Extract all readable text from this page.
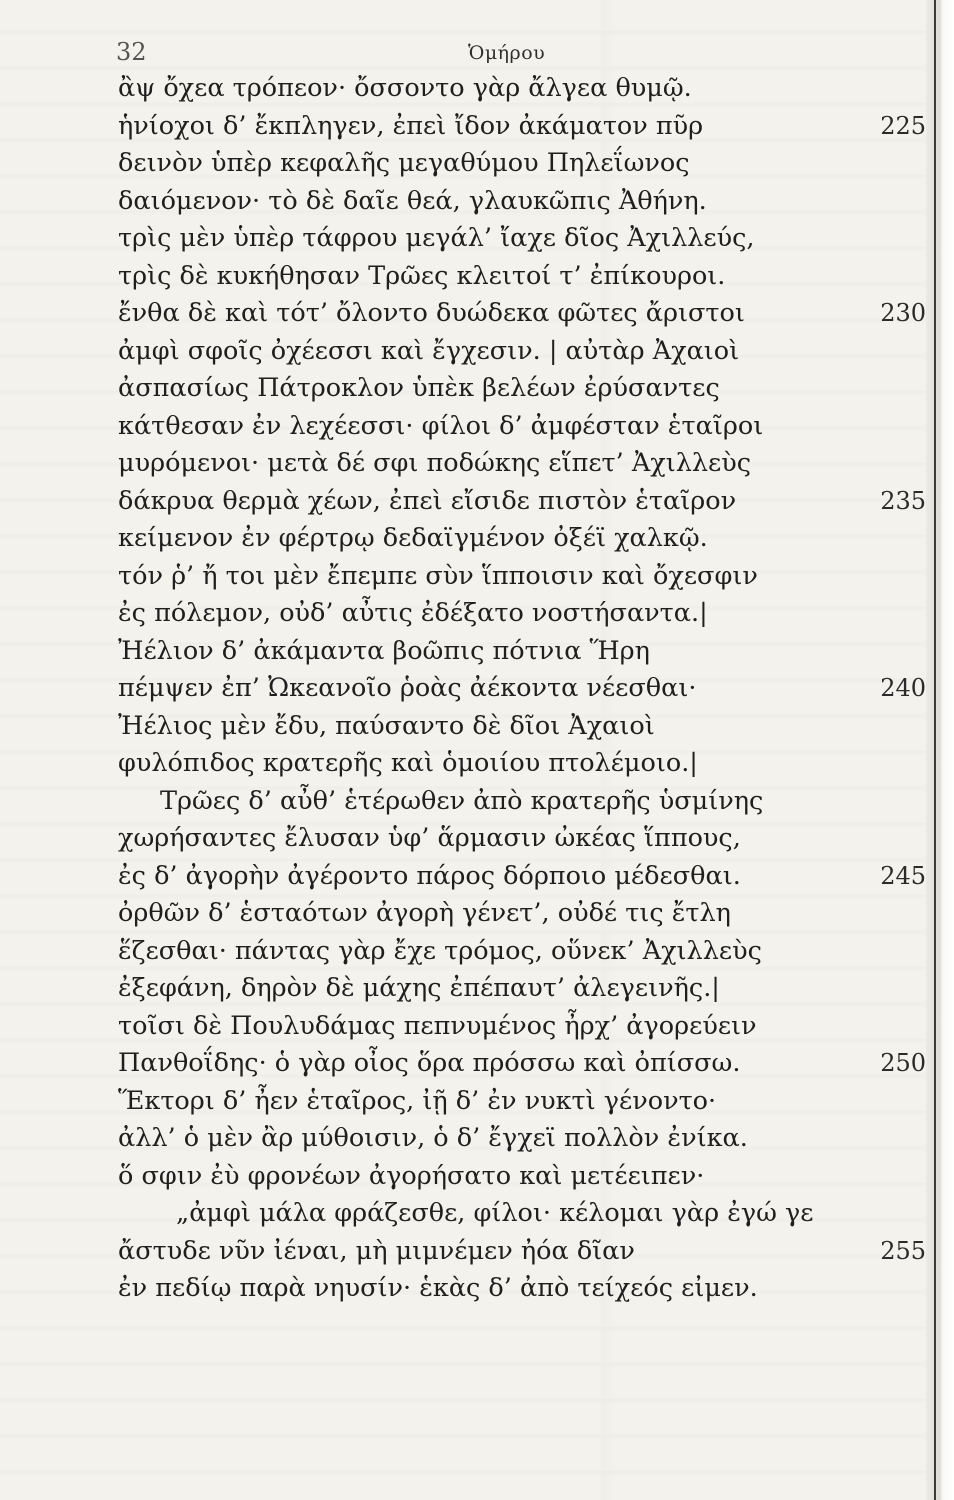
32	Ὁμήρου
ἂψ ὄχεα τρόπεον· ὄσσοντο γὰρ ἄλγεα θυμῷ.
ἡνίοχοι δ’ ἔκπληγεν, ἐπεὶ ἴδον ἀκάματον πῦρ	225
δεινὸν ὑπὲρ κεφαλῆς μεγαθύμου Πηλεΐωνος
δαιόμενον· τὸ δὲ δαῖε θεά, γλαυκῶπις Ἀθήνη.
τρὶς μὲν ὑπὲρ τάφρου μεγάλ’ ἴαχε δῖος Ἀχιλλεύς,
τρὶς δὲ κυκήθησαν Τρῶες κλειτοί τ’ ἐπίκουροι.
ἔνθα δὲ καὶ τότ’ ὄλοντο δυώδεκα φῶτες ἄριστοι	230
ἀμφὶ σφοῖς ὀχέεσσι καὶ ἔγχεσιν. | αὐτὰρ Ἀχαιοὶ
ἀσπασίως Πάτροκλον ὑπὲκ βελέων ἐρύσαντες
κάτθεσαν ἐν λεχέεσσι· φίλοι δ’ ἀμφέσταν ἑταῖροι
μυρόμενοι· μετὰ δέ σφι ποδώκης εἵπετ’ Ἀχιλλεὺς
δάκρυα θερμὰ χέων, ἐπεὶ εἴσιδε πιστὸν ἑταῖρον	235
κείμενον ἐν φέρτρῳ δεδαϊγμένον ὀξέϊ χαλκῷ.
τόν ῥ’ ἤ τοι μὲν ἔπεμπε σὺν ἵπποισιν καὶ ὄχεσφιν
ἐς πόλεμον, οὐδ’ αὖτις ἐδέξατο νοστήσαντα.|
Ἠέλιον δ’ ἀκάμαντα βοῶπις πότνια Ἥρη
πέμψεν ἐπ’ Ὠκεανοῖο ῥοὰς ἀέκοντα νέεσθαι·	240
Ἠέλιος μὲν ἔδυ, παύσαντο δὲ δῖοι Ἀχαιοὶ
φυλόπιδος κρατερῆς καὶ ὁμοιίου πτολέμοιο.|
Τρῶες δ’ αὖθ’ ἑτέρωθεν ἀπὸ κρατερῆς ὑσμίνης
χωρήσαντες ἔλυσαν ὑφ’ ἅρμασιν ὠκέας ἵππους,
ἐς δ’ ἀγορὴν ἀγέροντο πάρος δόρποιο μέδεσθαι.	245
ὀρθῶν δ’ ἑσταότων ἀγορὴ γένετ’, οὐδέ τις ἔτλη
ἕζεσθαι· πάντας γὰρ ἔχε τρόμος, οὕνεκ’ Ἀχιλλεὺς
ἐξεφάνη, δηρὸν δὲ μάχης ἐπέπαυτ’ ἀλεγεινῆς.|
τοῖσι δὲ Πουλυδάμας πεπνυμένος ἦρχ’ ἀγορεύειν
Πανθοΐδης· ὁ γὰρ οἶος ὅρα πρόσσω καὶ ὀπίσσω.	250
Ἕκτορι δ’ ἦεν ἑταῖρος, ἰῇ δ’ ἐν νυκτὶ γένοντο·
ἀλλ’ ὁ μὲν ἂρ μύθοισιν, ὁ δ’ ἔγχεϊ πολλὸν ἐνίκα.
ὅ σφιν ἐὺ φρονέων ἀγορήσατο καὶ μετέειπεν·
„ἀμφὶ μάλα φράζεσθε, φίλοι· κέλομαι γὰρ ἐγώ γε
ἄστυδε νῦν ἰέναι, μὴ μιμνέμεν ἠόα δῖαν	255
ἐν πεδίῳ παρὰ νηυσίν· ἑκὰς δ’ ἀπὸ τείχεός εἰμεν.
